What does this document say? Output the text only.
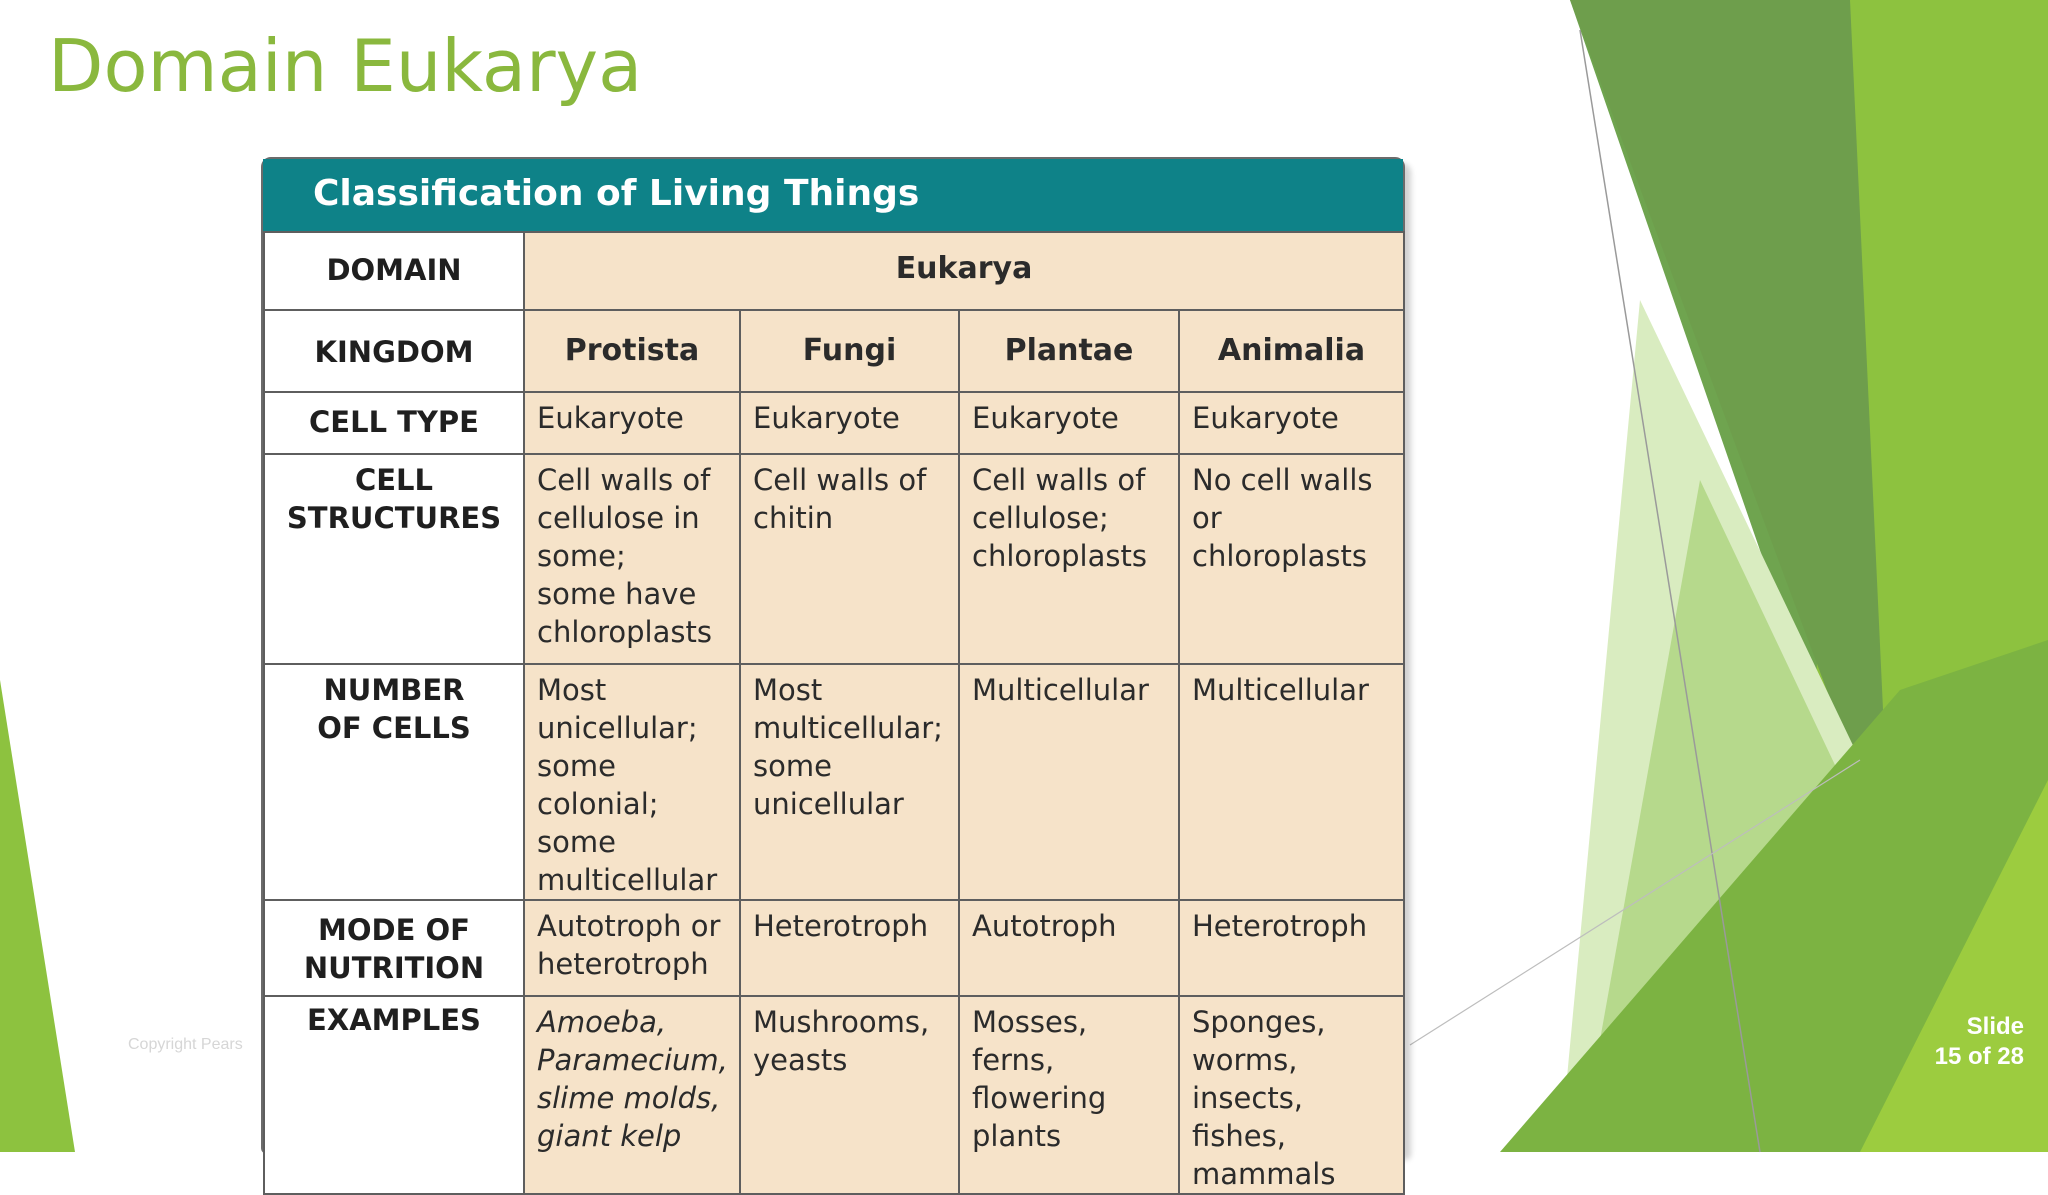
Domain Eukarya
Copyright Pears
Classification of Living Things
DOMAIN	Eukarya			

KINGDOM	Protista	Fungi	Plantae	Animalia

CELL TYPE	Eukaryote	Eukaryote	Eukaryote	Eukaryote

CELL
STRUCTURES	Cell walls of
cellulose in
some;
some have
chloroplasts	Cell walls of
chitin	Cell walls of
cellulose;
chloroplasts	No cell walls
or
chloroplasts

NUMBER
OF CELLS	Most
unicellular;
some colonial;
some
multicellular	Most
multicellular;
some
unicellular	Multicellular	Multicellular

MODE OF
NUTRITION	Autotroph or
heterotroph	Heterotroph	Autotroph	Heterotroph

EXAMPLES	Amoeba,
Paramecium,
slime molds,
giant kelp	Mushrooms,
yeasts	Mosses, ferns,
flowering
plants	Sponges,
worms,
insects, fishes,
mammals
Slide
15 of 28
